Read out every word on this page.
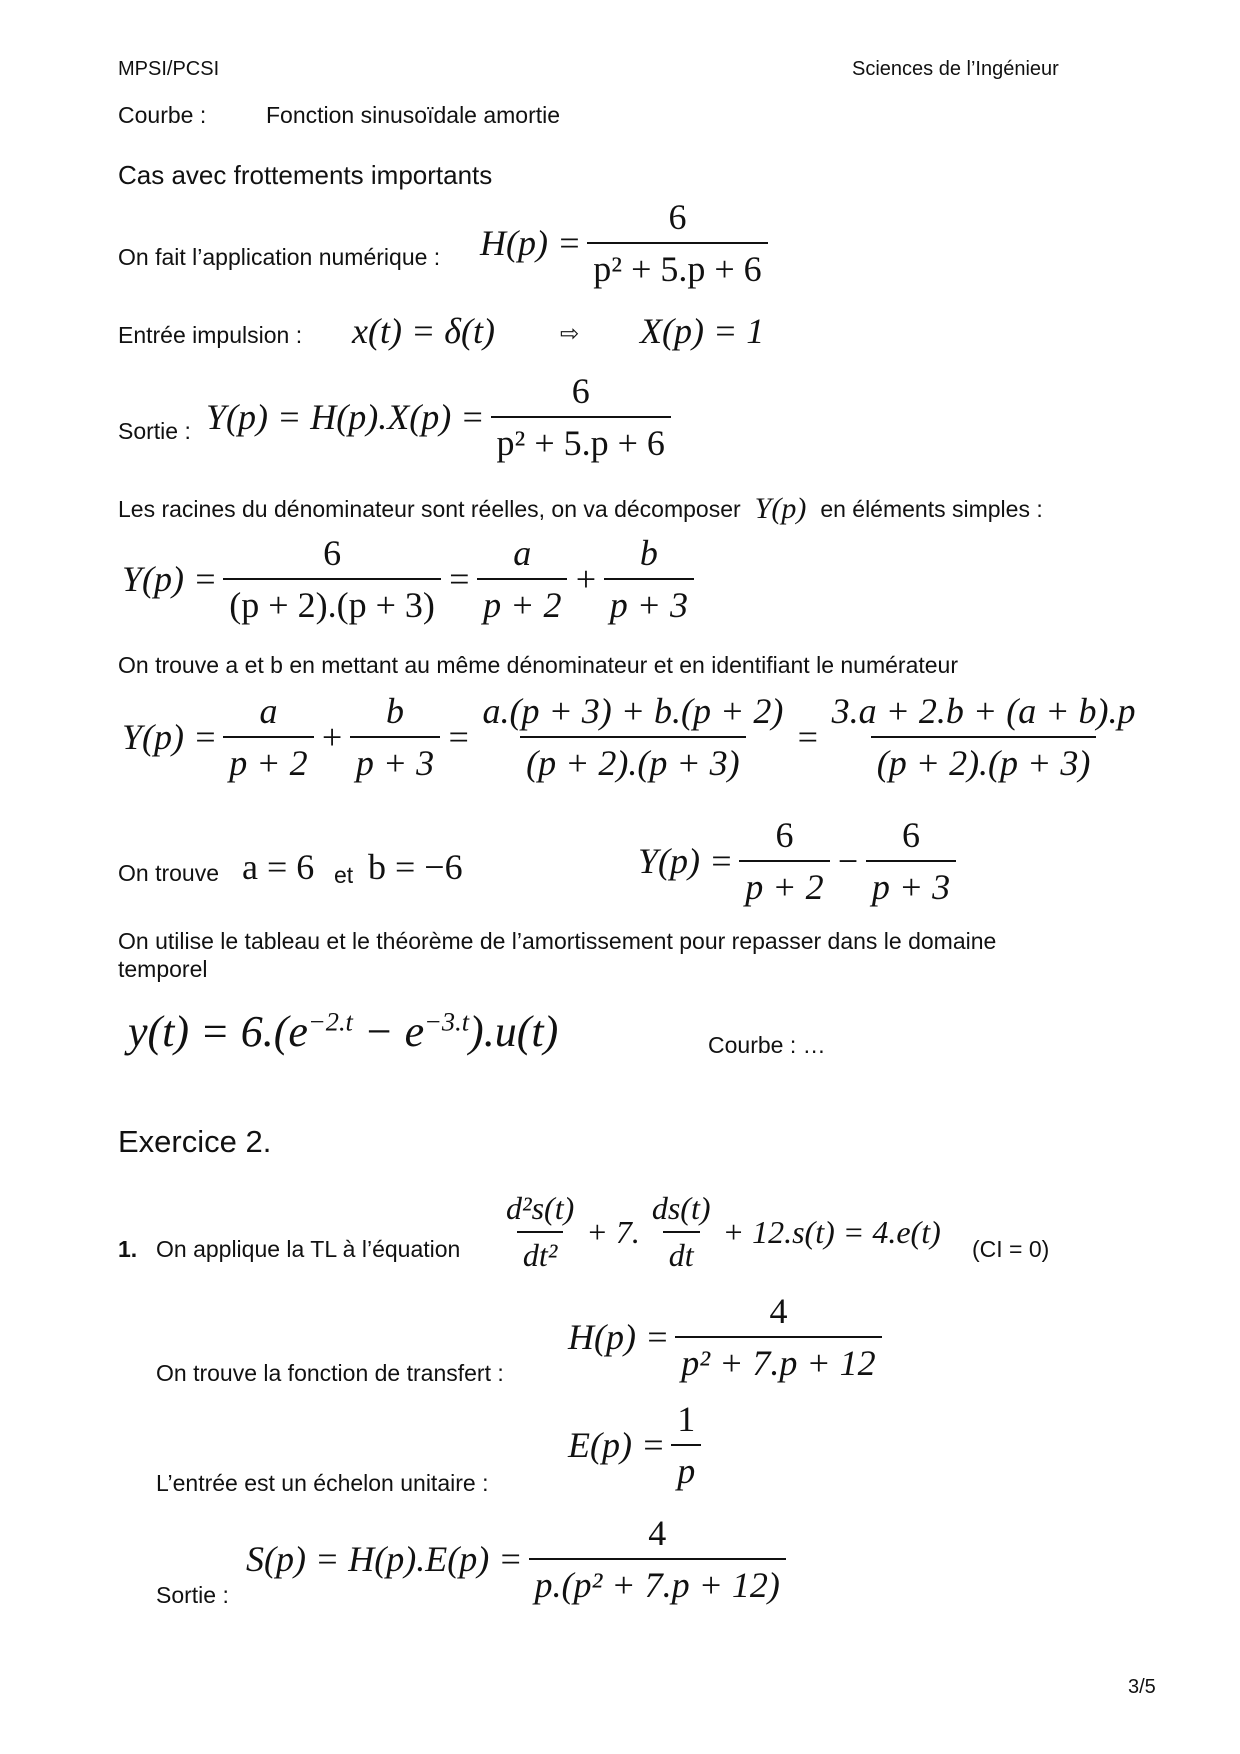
MPSI/PCSI	Sciences de l’Ingénieur
Courbe :	Fonction sinusoïdale amortie
Cas avec frottements importants
On fait l’application numérique : $H(p) = \frac{6}{\text{p² + 5.p + 6}}$
Entrée impulsion : x(t) = δ(t)	⇨ X(p) = 1
Sortie : $Y(p) = H(p).X(p) = \frac{6}{\text{p² + 5.p + 6}}$
Les racines du dénominateur sont réelles, on va décomposer Y(p) en éléments simples :
$Y(p) = \frac{6}{(p + 2).(p + 3)} = \frac{a}{p + 2} + \frac{b}{p + 3}$
On trouve a et b en mettant au même dénominateur et en identifiant le numérateur
$Y(p) = \frac{a}{p + 2} + \frac{b}{p + 3} = \frac{a.(p + 3) + b.(p + 2)}{(p + 2).(p + 3)} = \frac{3.a + 2.b + (a + b).p}{(p + 2).(p + 3)}$
On trouve a = 6 et b = −6	$Y(p) = \frac{6}{p + 2} - \frac{6}{p + 3}$
On utilise le tableau et le théorème de l’amortissement pour repasser dans le domaine
temporel
$y(t) = 6.(e^{-2.t} - e^{-3.t}).u(t)$	Courbe : …
Exercice 2.
1. On applique la TL à l’équation $\frac{\text{d²s(t)}}{\text{dt²}} + 7$. $\frac{ds(t)}{dt} + 12.s(t) = 4.e(t) (CI = 0)$
On trouve la fonction de transfert :
$H(p) = \frac{4}{\text{p² + 7.p + 12}}$
L’entrée est un échelon unitaire :
$E(p) = \frac{1}{p}$
Sortie :
$S(p) = H(p).E(p) = \frac{4}{\text{p.(p² + 7.p + 12)}}$
3/5
